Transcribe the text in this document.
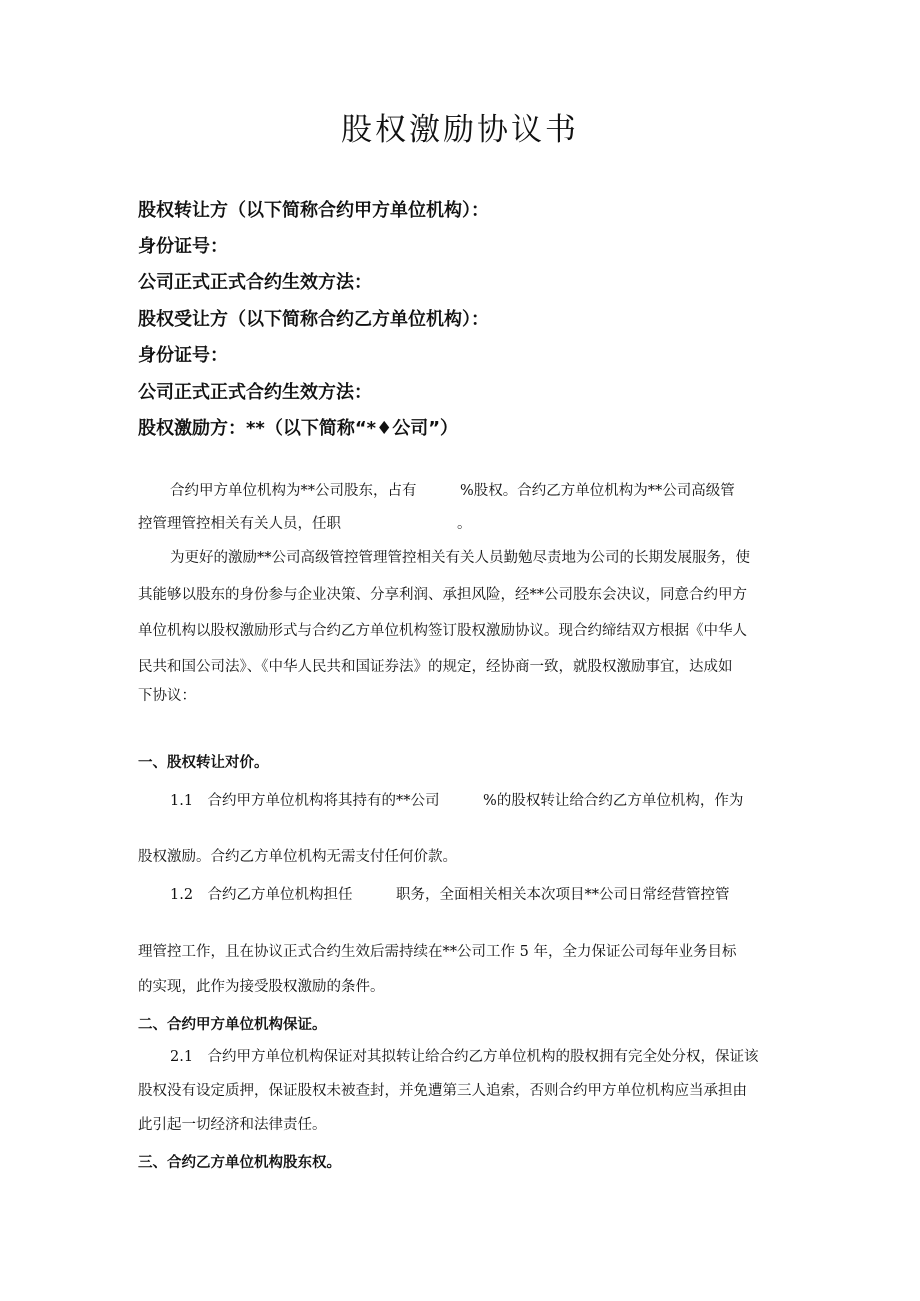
股权激励协议书
股权转让方（以下简称合约甲方单位机构）：
身份证号：
公司正式正式合约生效方法：
股权受让方（以下简称合约乙方单位机构）：
身份证号：
公司正式正式合约生效方法：
股权激励方：**（以下简称“*♦公司”）
合约甲方单位机构为**公司股东，占有　　　%股权。合约乙方单位机构为**公司高级管
控管理管控相关有关人员，任职　　　　　　　　。
为更好的激励**公司高级管控管理管控相关有关人员勤勉尽责地为公司的长期发展服务，使
其能够以股东的身份参与企业决策、分享利润、承担风险，经**公司股东会决议，同意合约甲方
单位机构以股权激励形式与合约乙方单位机构签订股权激励协议。现合约缔结双方根据《中华人
民共和国公司法》、《中华人民共和国证券法》的规定，经协商一致，就股权激励事宜，达成如
下协议：
一、股权转让对价。
1.1　合约甲方单位机构将其持有的**公司　　　%的股权转让给合约乙方单位机构，作为
股权激励。合约乙方单位机构无需支付任何价款。
1.2　合约乙方单位机构担任　　　职务，全面相关相关本次项目**公司日常经营管控管
理管控工作，且在协议正式合约生效后需持续在**公司工作 5 年，全力保证公司每年业务目标
的实现，此作为接受股权激励的条件。
二、合约甲方单位机构保证。
2.1　合约甲方单位机构保证对其拟转让给合约乙方单位机构的股权拥有完全处分权，保证该
股权没有设定质押，保证股权未被查封，并免遭第三人追索，否则合约甲方单位机构应当承担由
此引起一切经济和法律责任。
三、合约乙方单位机构股东权。
